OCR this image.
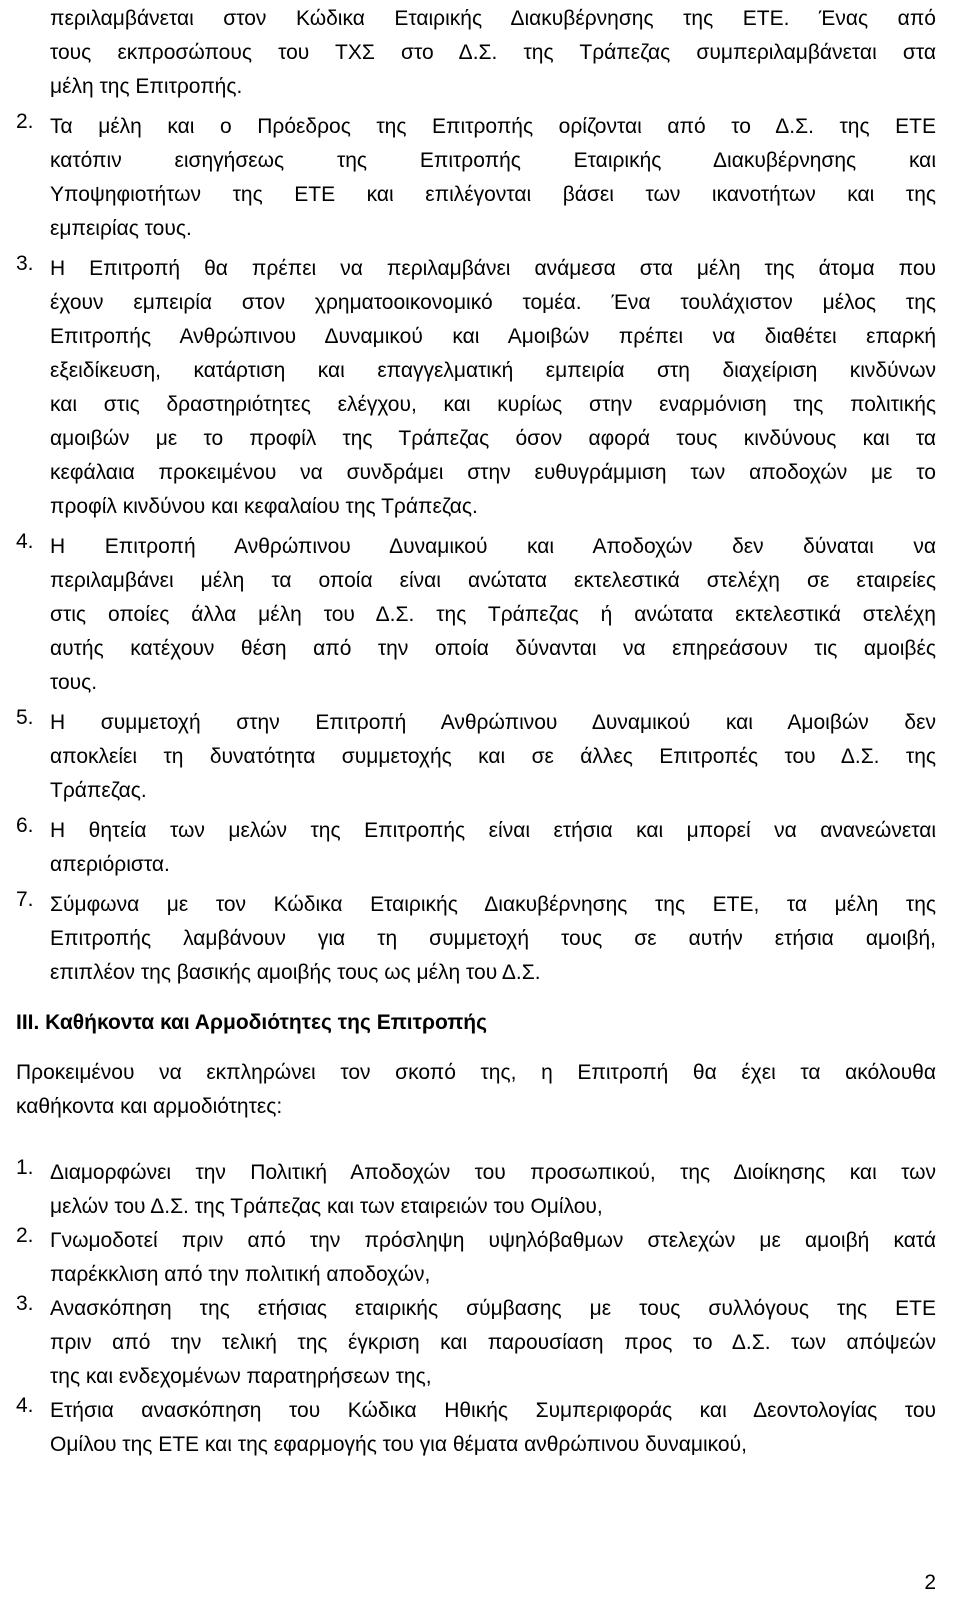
περιλαμβάνεται στον Κώδικα Εταιρικής Διακυβέρνησης της ΕΤΕ. Ένας από
τους εκπροσώπους του ΤΧΣ στο Δ.Σ. της Τράπεζας συμπεριλαμβάνεται στα
μέλη της Επιτροπής.
2. Τα μέλη και ο Πρόεδρος της Επιτροπής ορίζονται από το Δ.Σ. της ΕΤΕ
κατόπιν εισηγήσεως της Επιτροπής Εταιρικής Διακυβέρνησης και
Υποψηφιοτήτων της ΕΤΕ και επιλέγονται βάσει των ικανοτήτων και της
εμπειρίας τους.
3. Η Επιτροπή θα πρέπει να περιλαμβάνει ανάμεσα στα μέλη της άτομα που
έχουν εμπειρία στον χρηματοοικονομικό τομέα. Ένα τουλάχιστον μέλος της
Επιτροπής Ανθρώπινου Δυναμικού και Αμοιβών πρέπει να διαθέτει επαρκή
εξειδίκευση, κατάρτιση και επαγγελματική εμπειρία στη διαχείριση κινδύνων
και στις δραστηριότητες ελέγχου, και κυρίως στην εναρμόνιση της πολιτικής
αμοιβών με το προφίλ της Τράπεζας όσον αφορά τους κινδύνους και τα
κεφάλαια προκειμένου να συνδράμει στην ευθυγράμμιση των αποδοχών με το
προφίλ κινδύνου και κεφαλαίου της Τράπεζας.
4. Η Επιτροπή Ανθρώπινου Δυναμικού και Αποδοχών δεν δύναται να
περιλαμβάνει μέλη τα οποία είναι ανώτατα εκτελεστικά στελέχη σε εταιρείες
στις οποίες άλλα μέλη του Δ.Σ. της Τράπεζας ή ανώτατα εκτελεστικά στελέχη
αυτής κατέχουν θέση από την οποία δύνανται να επηρεάσουν τις αμοιβές
τους.
5. Η συμμετοχή στην Επιτροπή Ανθρώπινου Δυναμικού και Αμοιβών δεν
αποκλείει τη δυνατότητα συμμετοχής και σε άλλες Επιτροπές του Δ.Σ. της
Τράπεζας.
6. Η θητεία των μελών της Επιτροπής είναι ετήσια και μπορεί να ανανεώνεται
απεριόριστα.
7. Σύμφωνα με τον Κώδικα Εταιρικής Διακυβέρνησης της ΕΤΕ, τα μέλη της
Επιτροπής λαμβάνουν για τη συμμετοχή τους σε αυτήν ετήσια αμοιβή,
επιπλέον της βασικής αμοιβής τους ως μέλη του Δ.Σ.
III. Καθήκοντα και Αρμοδιότητες της Επιτροπής
Προκειμένου να εκπληρώνει τον σκοπό της, η Επιτροπή θα έχει τα ακόλουθα
καθήκοντα και αρμοδιότητες:
1. Διαμορφώνει την Πολιτική Αποδοχών του προσωπικού, της Διοίκησης και των
μελών του Δ.Σ. της Τράπεζας και των εταιρειών του Ομίλου,
2. Γνωμοδοτεί πριν από την πρόσληψη υψηλόβαθμων στελεχών με αμοιβή κατά
παρέκκλιση από την πολιτική αποδοχών,
3. Ανασκόπηση της ετήσιας εταιρικής σύμβασης με τους συλλόγους της ΕΤΕ
πριν από την τελική της έγκριση και παρουσίαση προς το Δ.Σ. των απόψεών
της και ενδεχομένων παρατηρήσεων της,
4. Ετήσια ανασκόπηση του Κώδικα Ηθικής Συμπεριφοράς και Δεοντολογίας του
Ομίλου της ΕΤΕ και της εφαρμογής του για θέματα ανθρώπινου δυναμικού,
2
